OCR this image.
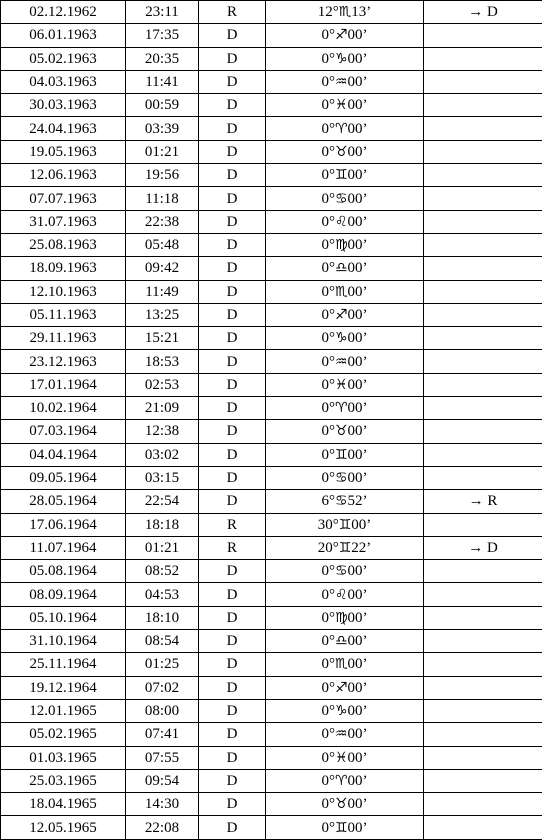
02.12.1962	23:11	R	12°♏13’	→ D
06.01.1963	17:35	D	0°♐00’	
05.02.1963	20:35	D	0°♑00’	
04.03.1963	11:41	D	0°♒00’	
30.03.1963	00:59	D	0°♓00’	
24.04.1963	03:39	D	0°♈00’	
19.05.1963	01:21	D	0°♉00’	
12.06.1963	19:56	D	0°♊00’	
07.07.1963	11:18	D	0°♋00’	
31.07.1963	22:38	D	0°♌00’	
25.08.1963	05:48	D	0°♍00’	
18.09.1963	09:42	D	0°♎00’	
12.10.1963	11:49	D	0°♏00’	
05.11.1963	13:25	D	0°♐00’	
29.11.1963	15:21	D	0°♑00’	
23.12.1963	18:53	D	0°♒00’	
17.01.1964	02:53	D	0°♓00’	
10.02.1964	21:09	D	0°♈00’	
07.03.1964	12:38	D	0°♉00’	
04.04.1964	03:02	D	0°♊00’	
09.05.1964	03:15	D	0°♋00’	
28.05.1964	22:54	D	6°♋52’	→ R
17.06.1964	18:18	R	30°♊00’	
11.07.1964	01:21	R	20°♊22’	→ D
05.08.1964	08:52	D	0°♋00’	
08.09.1964	04:53	D	0°♌00’	
05.10.1964	18:10	D	0°♍00’	
31.10.1964	08:54	D	0°♎00’	
25.11.1964	01:25	D	0°♏00’	
19.12.1964	07:02	D	0°♐00’	
12.01.1965	08:00	D	0°♑00’	
05.02.1965	07:41	D	0°♒00’	
01.03.1965	07:55	D	0°♓00’	
25.03.1965	09:54	D	0°♈00’	
18.04.1965	14:30	D	0°♉00’	
12.05.1965	22:08	D	0°♊00’	
